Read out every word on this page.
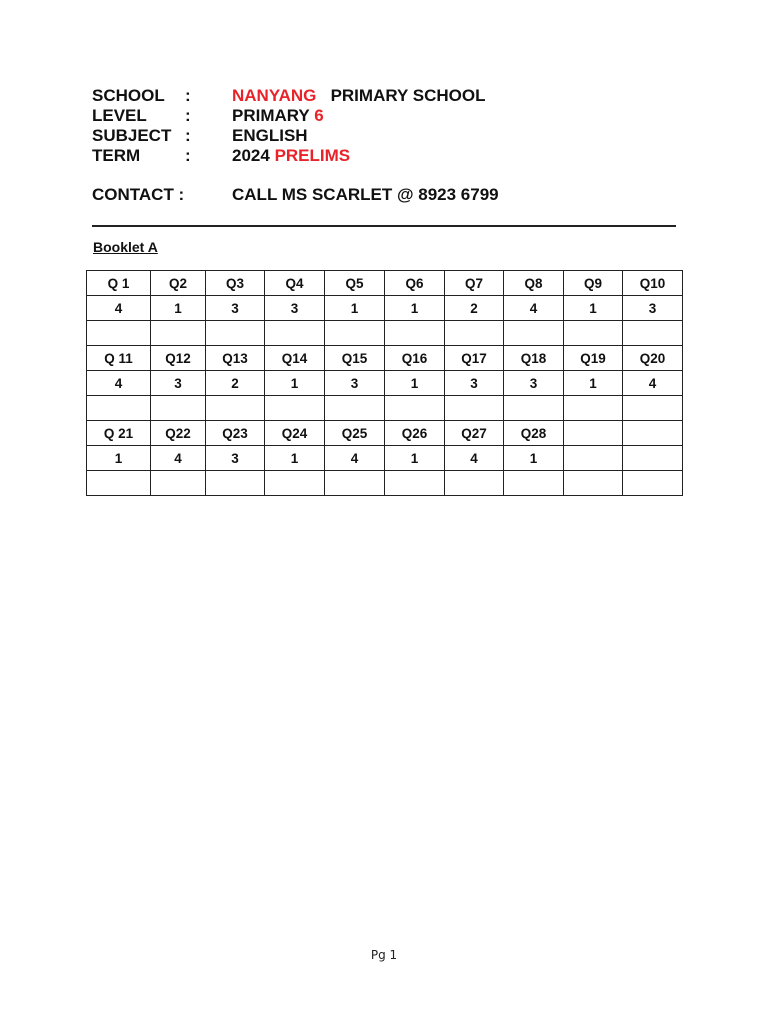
SCHOOL : NANYANG PRIMARY SCHOOL
LEVEL : PRIMARY 6
SUBJECT : ENGLISH
TERM	: 2024 PRELIMS
CONTACT :	CALL MS SCARLET @ 8923 6799
Booklet A
Q 1	Q2	Q3	Q4	Q5	Q6	Q7	Q8	Q9	Q10
4	1	3	3	1	1	2	4	1	3

Q 11	Q12	Q13	Q14	Q15	Q16	Q17	Q18	Q19	Q20
4	3	2	1	3	1	3	3	1	4

Q 21	Q22	Q23	Q24	Q25	Q26	Q27	Q28		
1	4	3	1	4	1	4	1		

Pg 1
